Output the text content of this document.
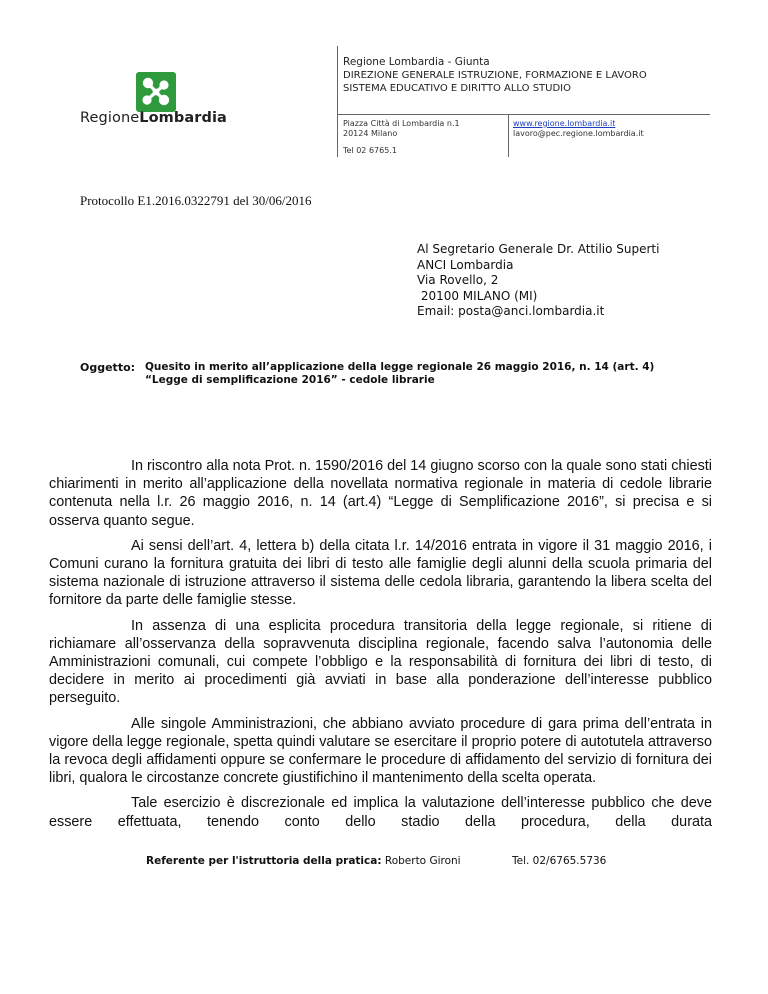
RegioneLombardia
Regione Lombardia - Giunta
DIREZIONE GENERALE ISTRUZIONE, FORMAZIONE E LAVORO
SISTEMA EDUCATIVO E DIRITTO ALLO STUDIO
Piazza Città di Lombardia n.1
20124 Milano
Tel 02 6765.1
www.regione.lombardia.it
lavoro@pec.regione.lombardia.it
Protocollo E1.2016.0322791 del 30/06/2016
Al Segretario Generale Dr. Attilio Superti
ANCI Lombardia
Via Rovello, 2
20100 MILANO (MI)
Email: posta@anci.lombardia.it
Oggetto: Quesito in merito all’applicazione della legge regionale 26 maggio 2016, n. 14 (art. 4)
“Legge di semplificazione 2016” - cedole librarie

In riscontro alla nota Prot. n. 1590/2016 del 14 giugno scorso con la quale sono stati chiesti chiarimenti in merito all’applicazione della novellata normativa regionale in materia di cedole librarie contenuta nella l.r. 26 maggio 2016, n. 14 (art.4) “Legge di Semplificazione 2016”, si precisa e si osserva quanto segue.

Ai sensi dell’art. 4, lettera b) della citata l.r. 14/2016 entrata in vigore il 31 maggio 2016, i Comuni curano la fornitura gratuita dei libri di testo alle famiglie degli alunni della scuola primaria del sistema nazionale di istruzione attraverso il sistema delle cedola libraria, garantendo la libera scelta del fornitore da parte delle famiglie stesse.

In assenza di una esplicita procedura transitoria della legge regionale, si ritiene di richiamare all’osservanza della sopravvenuta disciplina regionale, facendo salva l’autonomia delle Amministrazioni comunali, cui compete l’obbligo e la responsabilità di fornitura dei libri di testo, di decidere in merito ai procedimenti già avviati in base alla ponderazione dell’interesse pubblico perseguito.

Alle singole Amministrazioni, che abbiano avviato procedure di gara prima dell’entrata in vigore della legge regionale, spetta quindi valutare se esercitare il proprio potere di autotutela attraverso la revoca degli affidamenti oppure se confermare le procedure di affidamento del servizio di fornitura dei libri, qualora le circostanze concrete giustifichino il mantenimento della scelta operata.

Tale esercizio è discrezionale ed implica la valutazione dell’interesse pubblico che deve essere effettuata, tenendo conto dello stadio della procedura, della durata

Referente per l'istruttoria della pratica: Roberto Gironi	Tel. 02/6765.5736
